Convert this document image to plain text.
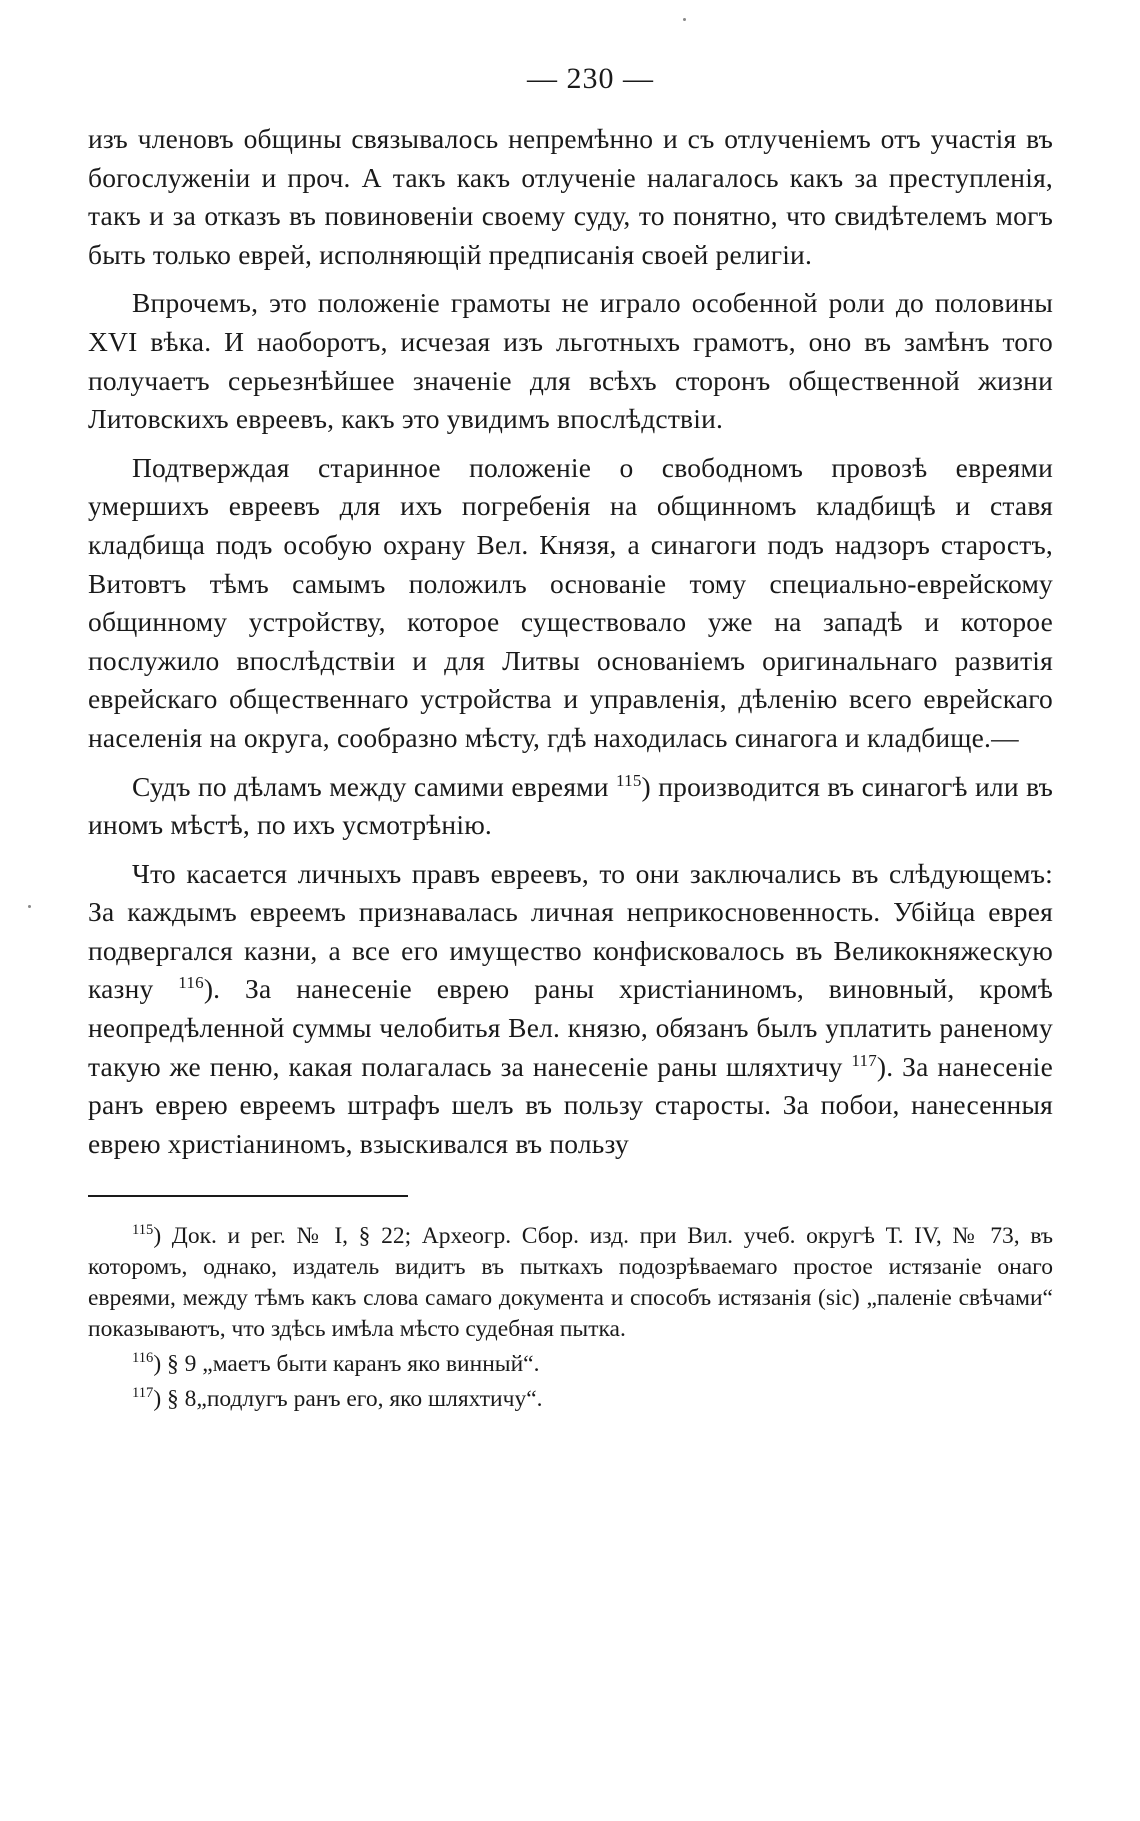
— 230 —

изъ членовъ общины связывалось непремѣнно и съ отлученіемъ отъ участія въ богослуженіи и проч. А такъ какъ отлученіе налагалось какъ за преступленія, такъ и за отказъ въ повиновеніи своему суду, то понятно, что свидѣтелемъ могъ быть только еврей, исполняющій предписанія своей религіи.

Впрочемъ, это положеніе грамоты не играло особенной роли до половины XVI вѣка. И наоборотъ, исчезая изъ льготныхъ грамотъ, оно въ замѣнъ того получаетъ серьезнѣйшее значеніе для всѣхъ сторонъ общественной жизни Литовскихъ евреевъ, какъ это увидимъ впослѣдствіи.

Подтверждая старинное положеніе о свободномъ провозѣ евреями умершихъ евреевъ для ихъ погребенія на общинномъ кладбищѣ и ставя кладбища подъ особую охрану Вел. Князя, а синагоги подъ надзоръ старостъ, Витовтъ тѣмъ самымъ положилъ основаніе тому специально-еврейскому общинному устройству, которое существовало уже на западѣ и которое послужило впослѣдствіи и для Литвы основаніемъ оригинальнаго развитія еврейскаго общественнаго устройства и управленія, дѣленію всего еврейскаго населенія на округа, сообразно мѣсту, гдѣ находилась синагога и кладбище.—

Судъ по дѣламъ между самими евреями $^{115}$) производится въ синагогѣ или въ иномъ мѣстѣ, по ихъ усмотрѣнію.

Что касается личныхъ правъ евреевъ, то они заключались въ слѣдующемъ: За каждымъ евреемъ признавалась личная неприкосновенность. Убійца еврея подвергался казни, а все его имущество конфисковалось въ Великокняжескую казну $^{116}$). За нанесеніе еврею раны христіаниномъ, виновный, кромѣ неопредѣленной суммы челобитья Вел. князю, обязанъ былъ уплатить раненому такую же пеню, какая полагалась за нанесеніе раны шляхтичу $^{117}$). За нанесеніе ранъ еврею евреемъ штрафъ шелъ въ пользу старосты. За побои, нанесенныя еврею христіаниномъ, взыскивался въ пользу

$^{115}$) Док. и рег. № I, § 22; Археогр. Сбор. изд. при Вил. учеб. округѣ Т. IV, № 73, въ которомъ, однако, издатель видитъ въ пыткахъ подозрѣваемаго простое истязаніе онаго евреями, между тѣмъ какъ слова самаго документа и способъ истязанія (sic) „паленіе свѣчами“ показываютъ, что здѣсь имѣла мѣсто судебная пытка.

$^{116}$) § 9 „маетъ быти каранъ яко винный“.

$^{117}$) § 8„подлугъ ранъ его, яко шляхтичу“.
